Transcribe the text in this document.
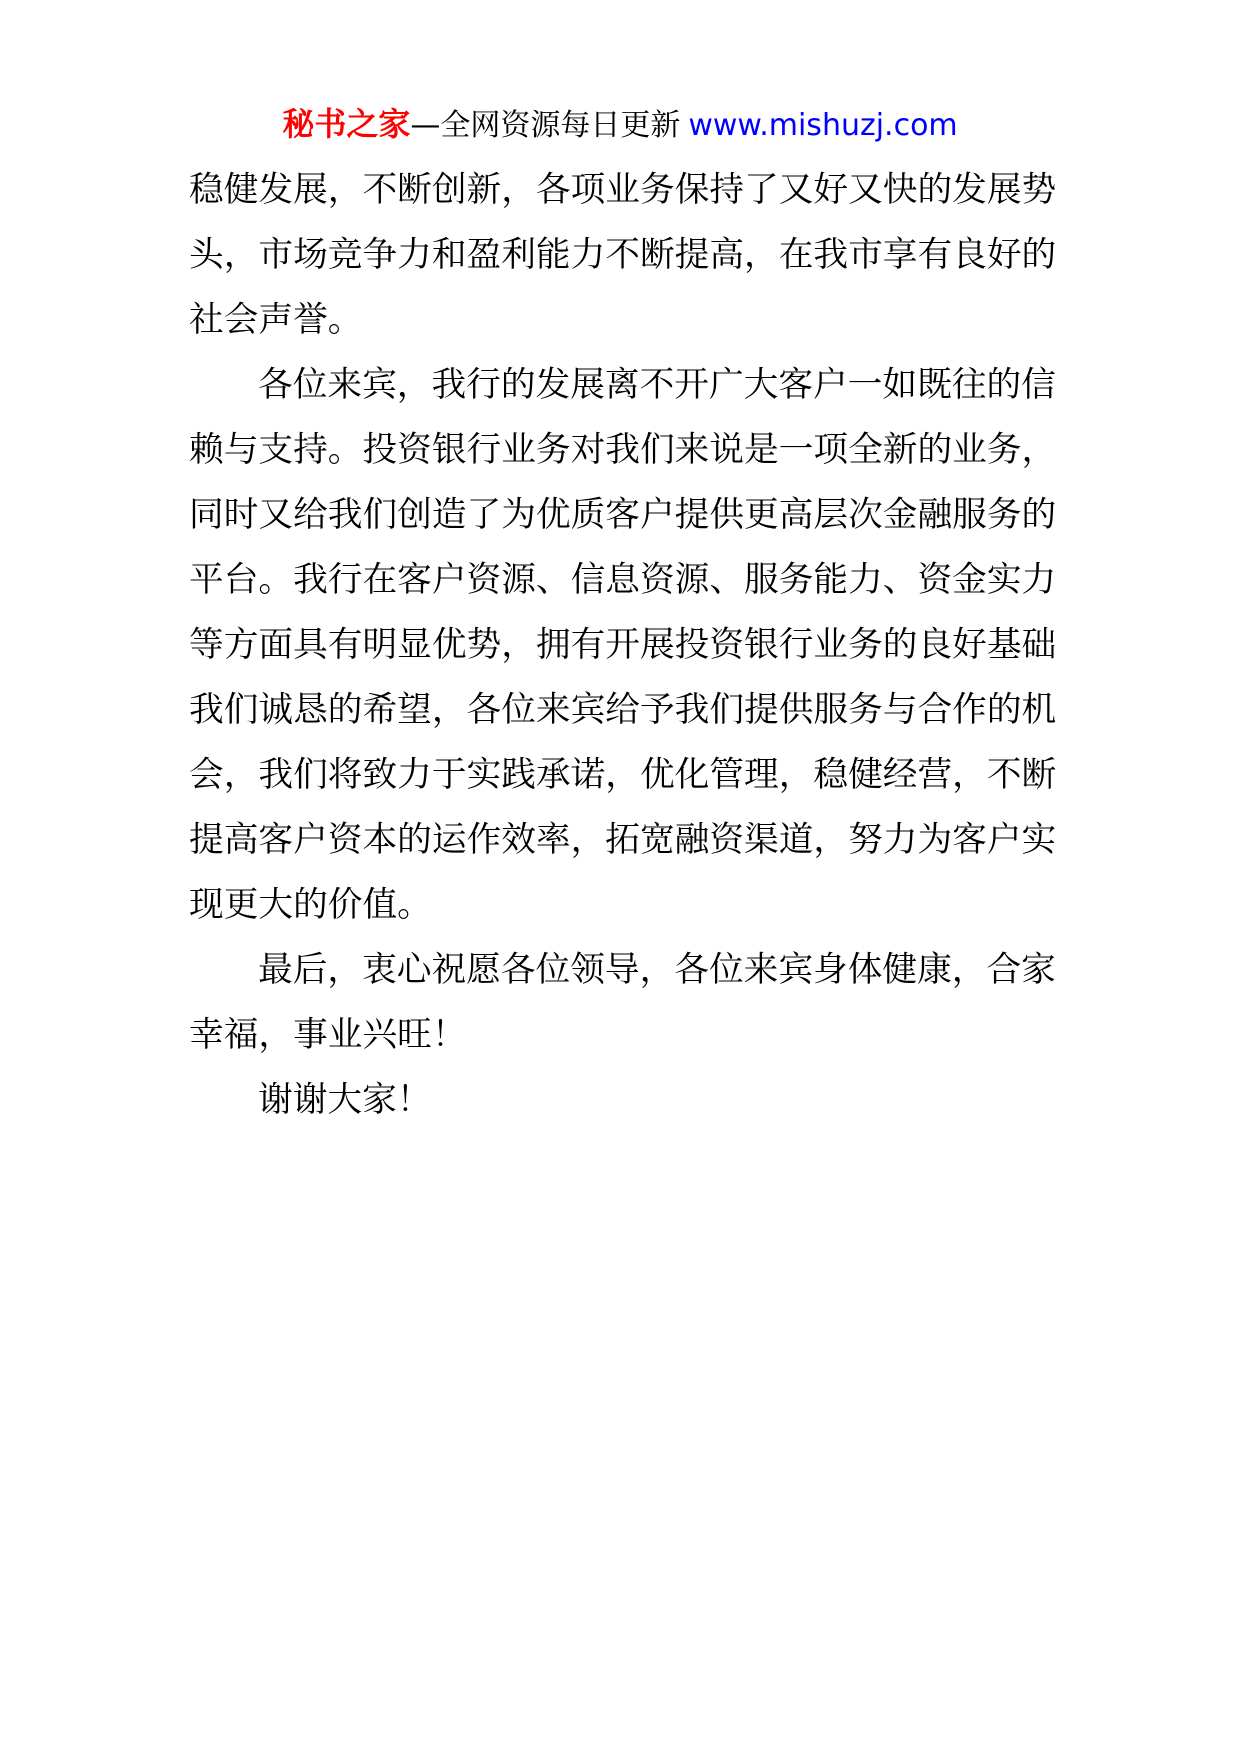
秘书之家—全网资源每日更新 www.mishuzj.com
稳健发展，不断创新，各项业务保持了又好又快的发展势
头，市场竞争力和盈利能力不断提高，在我市享有良好的
社会声誉。
各位来宾，我行的发展离不开广大客户一如既往的信
赖与支持。投资银行业务对我们来说是一项全新的业务，
同时又给我们创造了为优质客户提供更高层次金融服务的
平台。我行在客户资源、信息资源、服务能力、资金实力
等方面具有明显优势，拥有开展投资银行业务的良好基础
我们诚恳的希望，各位来宾给予我们提供服务与合作的机
会，我们将致力于实践承诺，优化管理，稳健经营，不断
提高客户资本的运作效率，拓宽融资渠道，努力为客户实
现更大的价值。
最后，衷心祝愿各位领导，各位来宾身体健康，合家
幸福，事业兴旺！
谢谢大家！
